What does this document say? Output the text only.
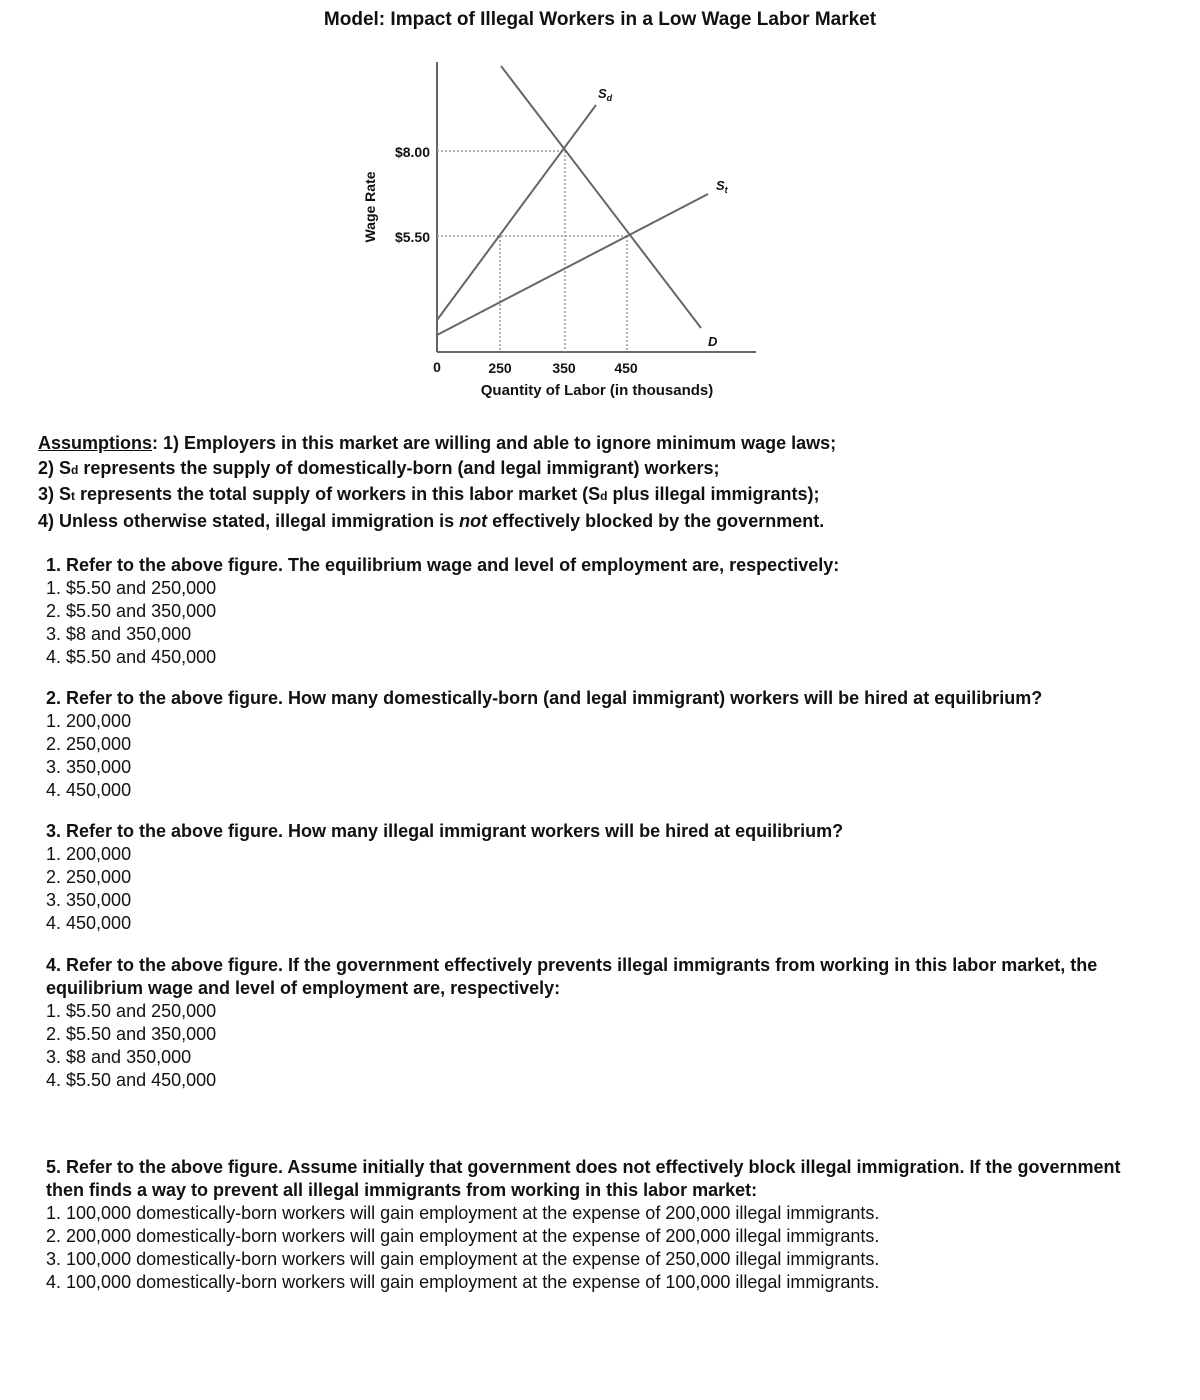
Model: Impact of Illegal Workers in a Low Wage Labor Market
$S_d$
$S_t$
D
$8.00
$5.50
Wage Rate
0	250	350	450
Quantity of Labor (in thousands)
Assumptions: 1) Employers in this market are willing and able to ignore minimum wage laws;
2) Sd represents the supply of domestically-born (and legal immigrant) workers;
3) St represents the total supply of workers in this labor market (Sd plus illegal immigrants);
4) Unless otherwise stated, illegal immigration is not effectively blocked by the government.
1. Refer to the above figure. The equilibrium wage and level of employment are, respectively:
1. $5.50 and 250,000
2. $5.50 and 350,000
3. $8 and 350,000
4. $5.50 and 450,000
2. Refer to the above figure. How many domestically-born (and legal immigrant) workers will be hired at equilibrium?
1. 200,000
2. 250,000
3. 350,000
4. 450,000
3. Refer to the above figure. How many illegal immigrant workers will be hired at equilibrium?
1. 200,000
2. 250,000
3. 350,000
4. 450,000
4. Refer to the above figure. If the government effectively prevents illegal immigrants from working in this labor market, the equilibrium wage and level of employment are, respectively:
1. $5.50 and 250,000
2. $5.50 and 350,000
3. $8 and 350,000
4. $5.50 and 450,000
5. Refer to the above figure. Assume initially that government does not effectively block illegal immigration. If the government then finds a way to prevent all illegal immigrants from working in this labor market:
1. 100,000 domestically-born workers will gain employment at the expense of 200,000 illegal immigrants.
2. 200,000 domestically-born workers will gain employment at the expense of 200,000 illegal immigrants.
3. 100,000 domestically-born workers will gain employment at the expense of 250,000 illegal immigrants.
4. 100,000 domestically-born workers will gain employment at the expense of 100,000 illegal immigrants.
